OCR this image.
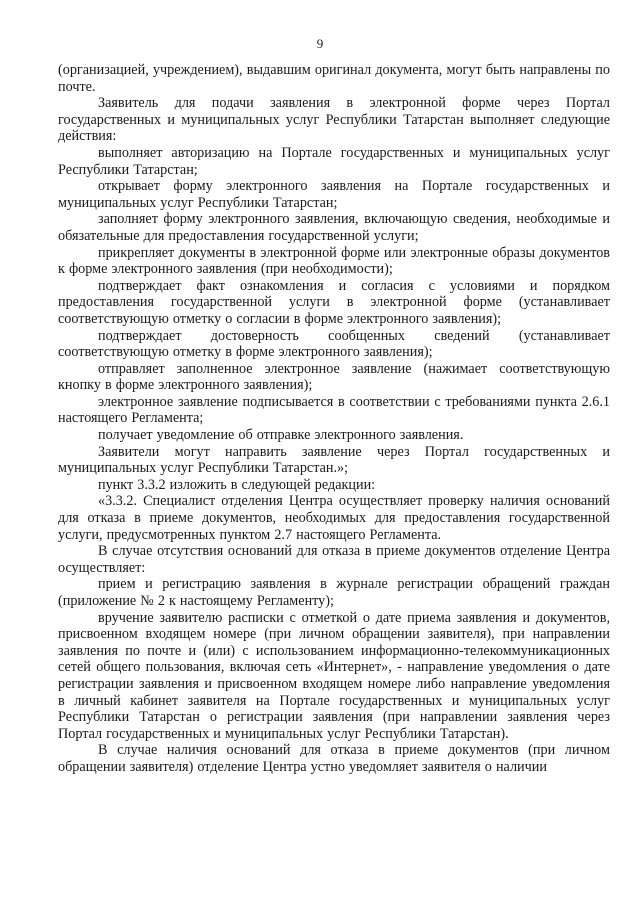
9

(организацией, учреждением), выдавшим оригинал документа, могут быть направлены по почте.

Заявитель для подачи заявления в электронной форме через Портал государственных и муниципальных услуг Республики Татарстан выполняет следующие действия:

выполняет авторизацию на Портале государственных и муниципальных услуг Республики Татарстан;

открывает форму электронного заявления на Портале государственных и муниципальных услуг Республики Татарстан;

заполняет форму электронного заявления, включающую сведения, необходимые и обязательные для предоставления государственной услуги;

прикрепляет документы в электронной форме или электронные образы документов к форме электронного заявления (при необходимости);

подтверждает факт ознакомления и согласия с условиями и порядком предоставления государственной услуги в электронной форме (устанавливает соответствующую отметку о согласии в форме электронного заявления);

подтверждает достоверность сообщенных сведений (устанавливает соответствующую отметку в форме электронного заявления);

отправляет заполненное электронное заявление (нажимает соответствующую кнопку в форме электронного заявления);

электронное заявление подписывается в соответствии с требованиями пункта 2.6.1 настоящего Регламента;

получает уведомление об отправке электронного заявления.

Заявители могут направить заявление через Портал государственных и муниципальных услуг Республики Татарстан.»;

пункт 3.3.2 изложить в следующей редакции:

«3.3.2. Специалист отделения Центра осуществляет проверку наличия оснований для отказа в приеме документов, необходимых для предоставления государственной услуги, предусмотренных пунктом 2.7 настоящего Регламента.

В случае отсутствия оснований для отказа в приеме документов отделение Центра осуществляет:

прием и регистрацию заявления в журнале регистрации обращений граждан (приложение № 2 к настоящему Регламенту);

вручение заявителю расписки с отметкой о дате приема заявления и документов, присвоенном входящем номере (при личном обращении заявителя), при направлении заявления по почте и (или) с использованием информационно-телекоммуникационных сетей общего пользования, включая сеть «Интернет», - направление уведомления о дате регистрации заявления и присвоенном входящем номере либо направление уведомления в личный кабинет заявителя на Портале государственных и муниципальных услуг Республики Татарстан о регистрации заявления (при направлении заявления через Портал государственных и муниципальных услуг Республики Татарстан).

В случае наличия оснований для отказа в приеме документов (при личном обращении заявителя) отделение Центра устно уведомляет заявителя о наличии
